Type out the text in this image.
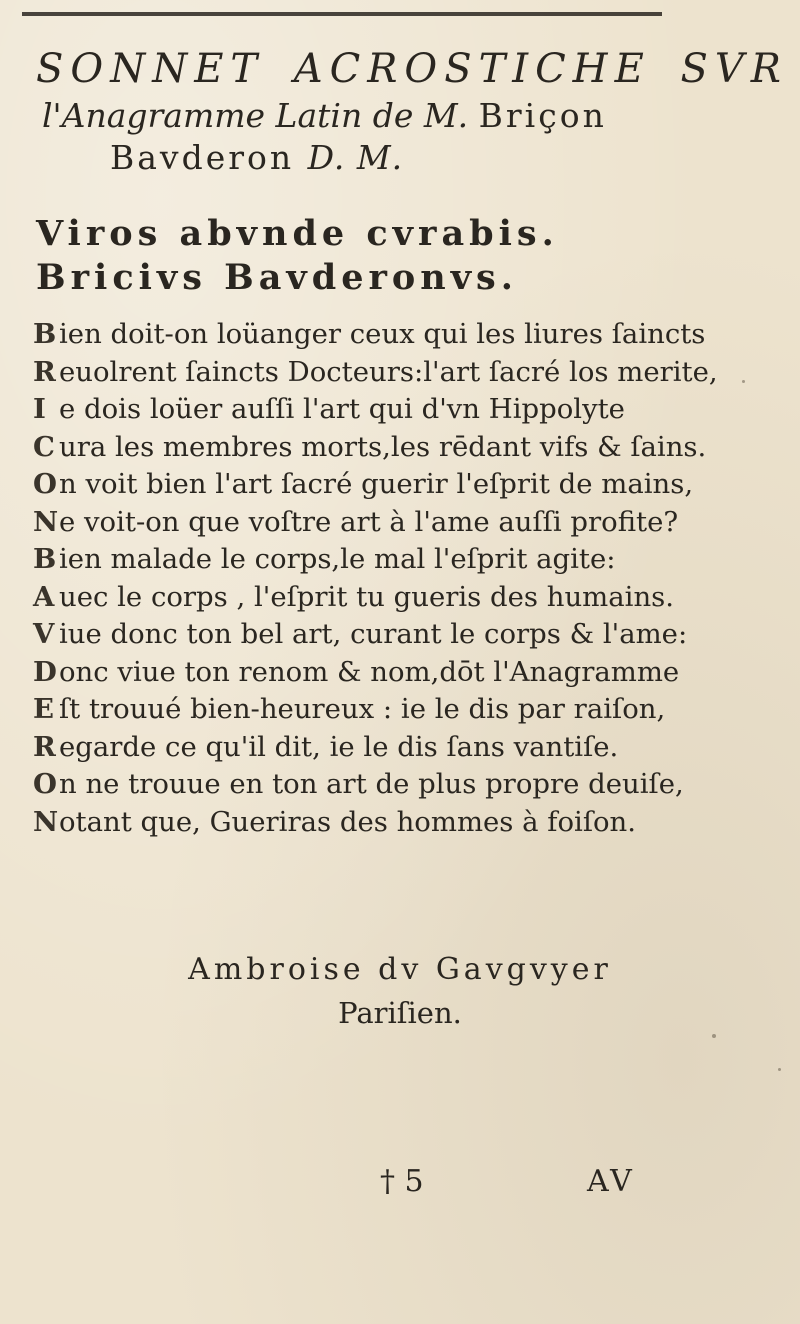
SONNET ACROSTICHE SVR
l'Anagramme Latin de M. Briçon
Bavderon D. M.
Viros abvnde cvrabis.
Bricivs Bavderonvs.
B ien doit-on loüanger ceux qui les liures ſaincts
R euolrent ſaincts Docteurs:l'art ſacré los merite,
I e dois loüer auſſi l'art qui d'vn Hippolyte
C ura les membres morts,les rēdant vifs & ſains.
On voit bien l'art ſacré guerir l'eſprit de mains,
Ne voit-on que voſtre art à l'ame auſſi profite?
B ien malade le corps,le mal l'eſprit agite:
A uec le corps , l'eſprit tu gueris des humains.
V iue donc ton bel art, curant le corps & l'ame:
Donc viue ton renom & nom,dōt l'Anagramme
E ſt trouué bien-heureux : ie le dis par raiſon,
R egarde ce qu'il dit, ie le dis ſans vantiſe.
On ne trouue en ton art de plus propre deuiſe,
Notant que, Gueriras des hommes à foiſon.
Ambroise dv Gavgvyer
Pariſien.
† 5	AV
